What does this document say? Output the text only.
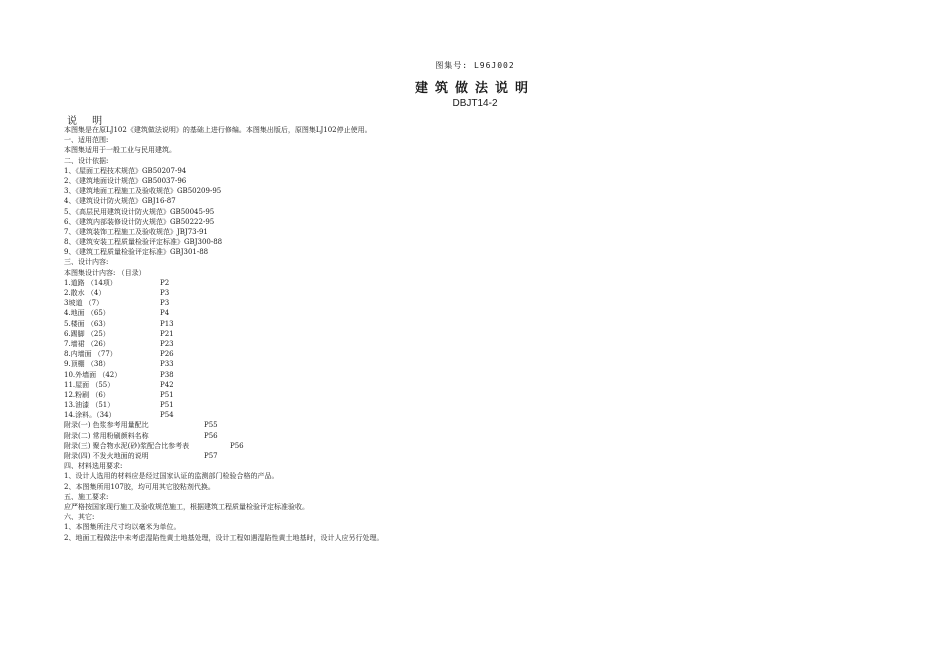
图集号: L96J002
建筑做法说明
DBJT14-2
说 明
本图集是在原LJ102《建筑做法说明》的基础上进行修编。本图集出版后，原图集LJ102停止使用。
一、适用范围:
本图集适用于一般工业与民用建筑。
二、设计依据:
1、《屋面工程技术规范》GB50207-94
2、《建筑地面设计规范》GB50037-96
3、《建筑地面工程施工及验收规范》GB50209-95
4、《建筑设计防火规范》GBJ16-87
5、《高层民用建筑设计防火规范》GB50045-95
6、《建筑内部装修设计防火规范》GB50222-95
7、《建筑装饰工程施工及验收规范》JBJ73-91
8、《建筑安装工程质量检验评定标准》GBJ300-88
9、《建筑工程质量检验评定标准》GBJ301-88
三、设计内容:
本图集设计内容: （目录）
1.道路 （14项）	P2
2.散水 （4）	P3
3坡道 （7）	P3
4.地面 （65）	P4
5.楼面 （63）	P13
6.踢脚 （25）	P21
7.墙裙 （26）	P23
8.内墙面 （77）	P26
9.顶棚 （38）	P33
10.外墙面 （42）	P38
11.屋面 （55）	P42
12.粉刷 （6）	P51
13.油漆 （51）	P51
14.涂料。（34）	P54
附录(一) 色浆参考用量配比	P55
附录(二) 常用粉刷颜料名称	P56
附录(三) 聚合物水泥(砂)浆配合比参考表	P56
附录(四) 不发火地面的说明	P57
四、材料选用要求:
1、设计人选用的材料应是经过国家认证的监测部门检验合格的产品。
2、本图集所用107胶，均可用其它胶粘剂代换。
五、施工要求:
应严格按国家现行施工及验收规范施工，根据建筑工程质量检验评定标准验收。
六、其它:
1、本图集所注尺寸均以毫米为单位。
2、地面工程做法中未考虑湿陷性黄土地基处理，设计工程如遇湿陷性黄土地基时，设计人应另行处理。
